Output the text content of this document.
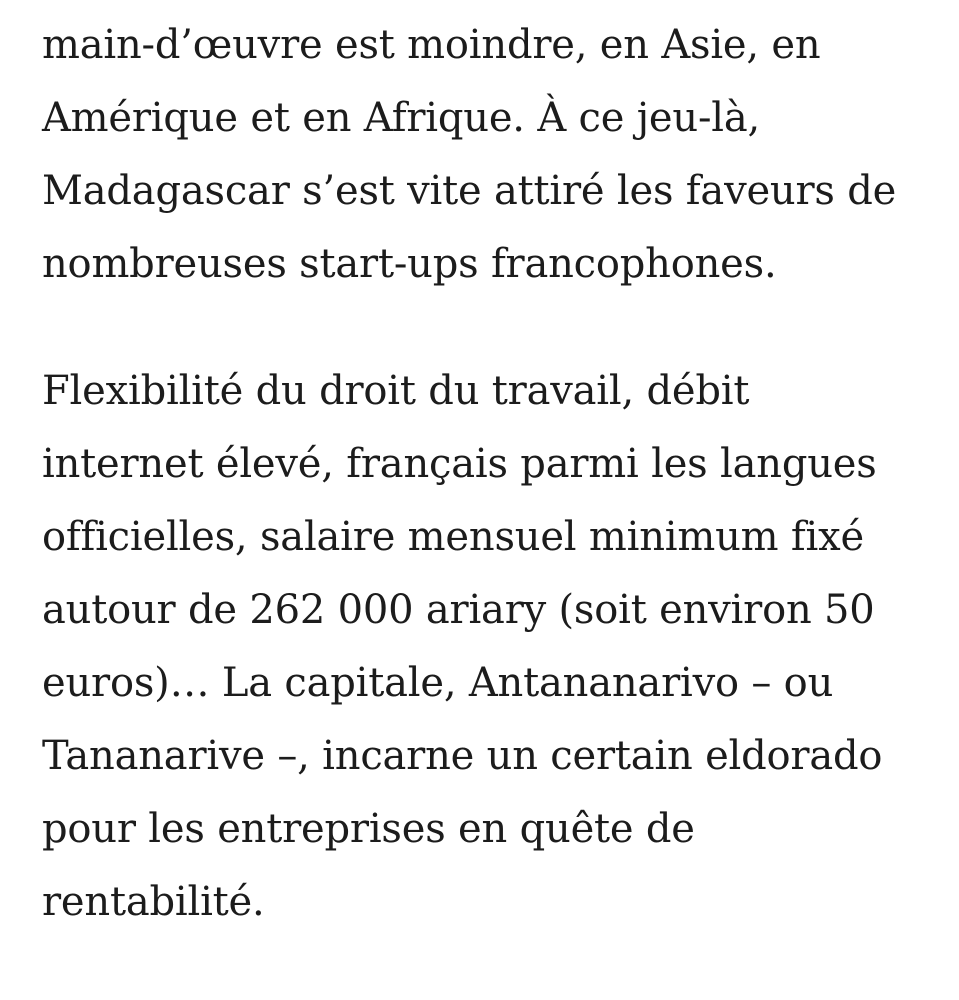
main-d’œuvre est moindre, en Asie, en
Amérique et en Afrique. À ce jeu-là,
Madagascar s’est vite attiré les faveurs de
nombreuses start-ups francophones.

Flexibilité du droit du travail, débit
internet élevé, français parmi les langues
officielles, salaire mensuel minimum fixé
autour de 262 000 ariary (soit environ 50
euros)… La capitale, Antananarivo – ou
Tananarive –, incarne un certain eldorado
pour les entreprises en quête de
rentabilité.
